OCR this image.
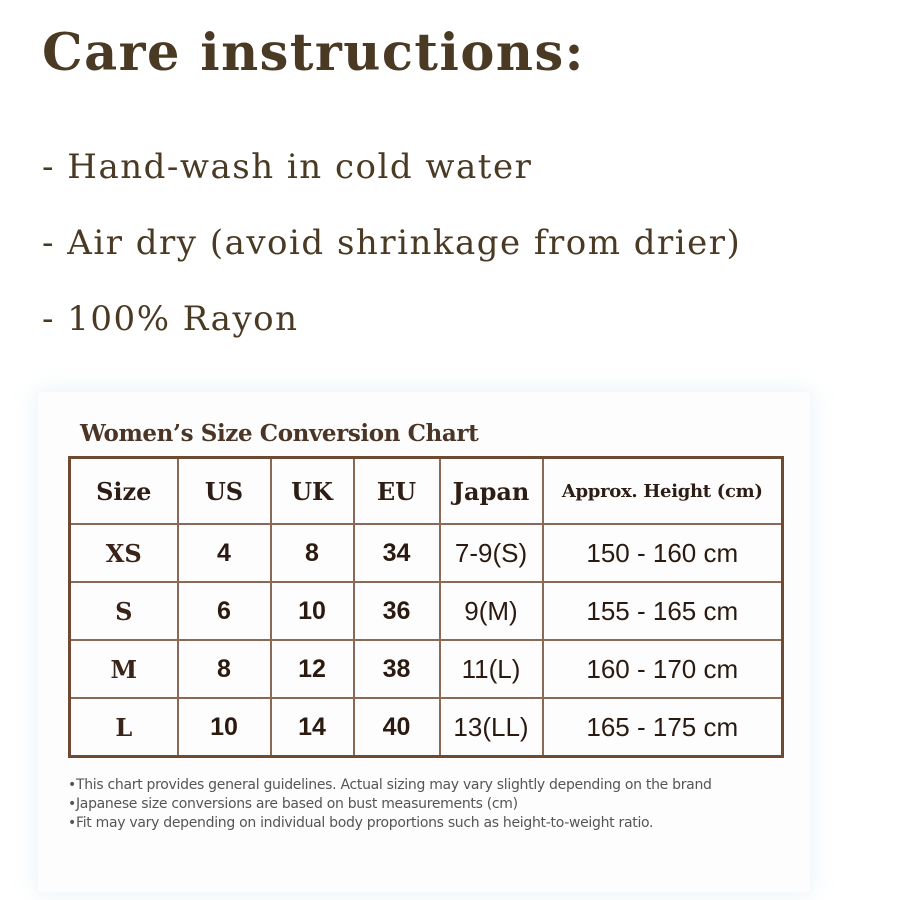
Care instructions:
- Hand-wash in cold water
- Air dry (avoid shrinkage from drier)
- 100% Rayon
Women’s Size Conversion Chart
Size	US	UK	EU	Japan	Approx. Height (cm)
XS	4	8	34	7-9(S)	150 - 160 cm
S	6	10	36	9(M)	155 - 165 cm
M	8	12	38	11(L)	160 - 170 cm
L	10	14	40	13(LL)	165 - 175 cm
•This chart provides general guidelines. Actual sizing may vary slightly depending on the brand
•Japanese size conversions are based on bust measurements (cm)
•Fit may vary depending on individual body proportions such as height-to-weight ratio.
